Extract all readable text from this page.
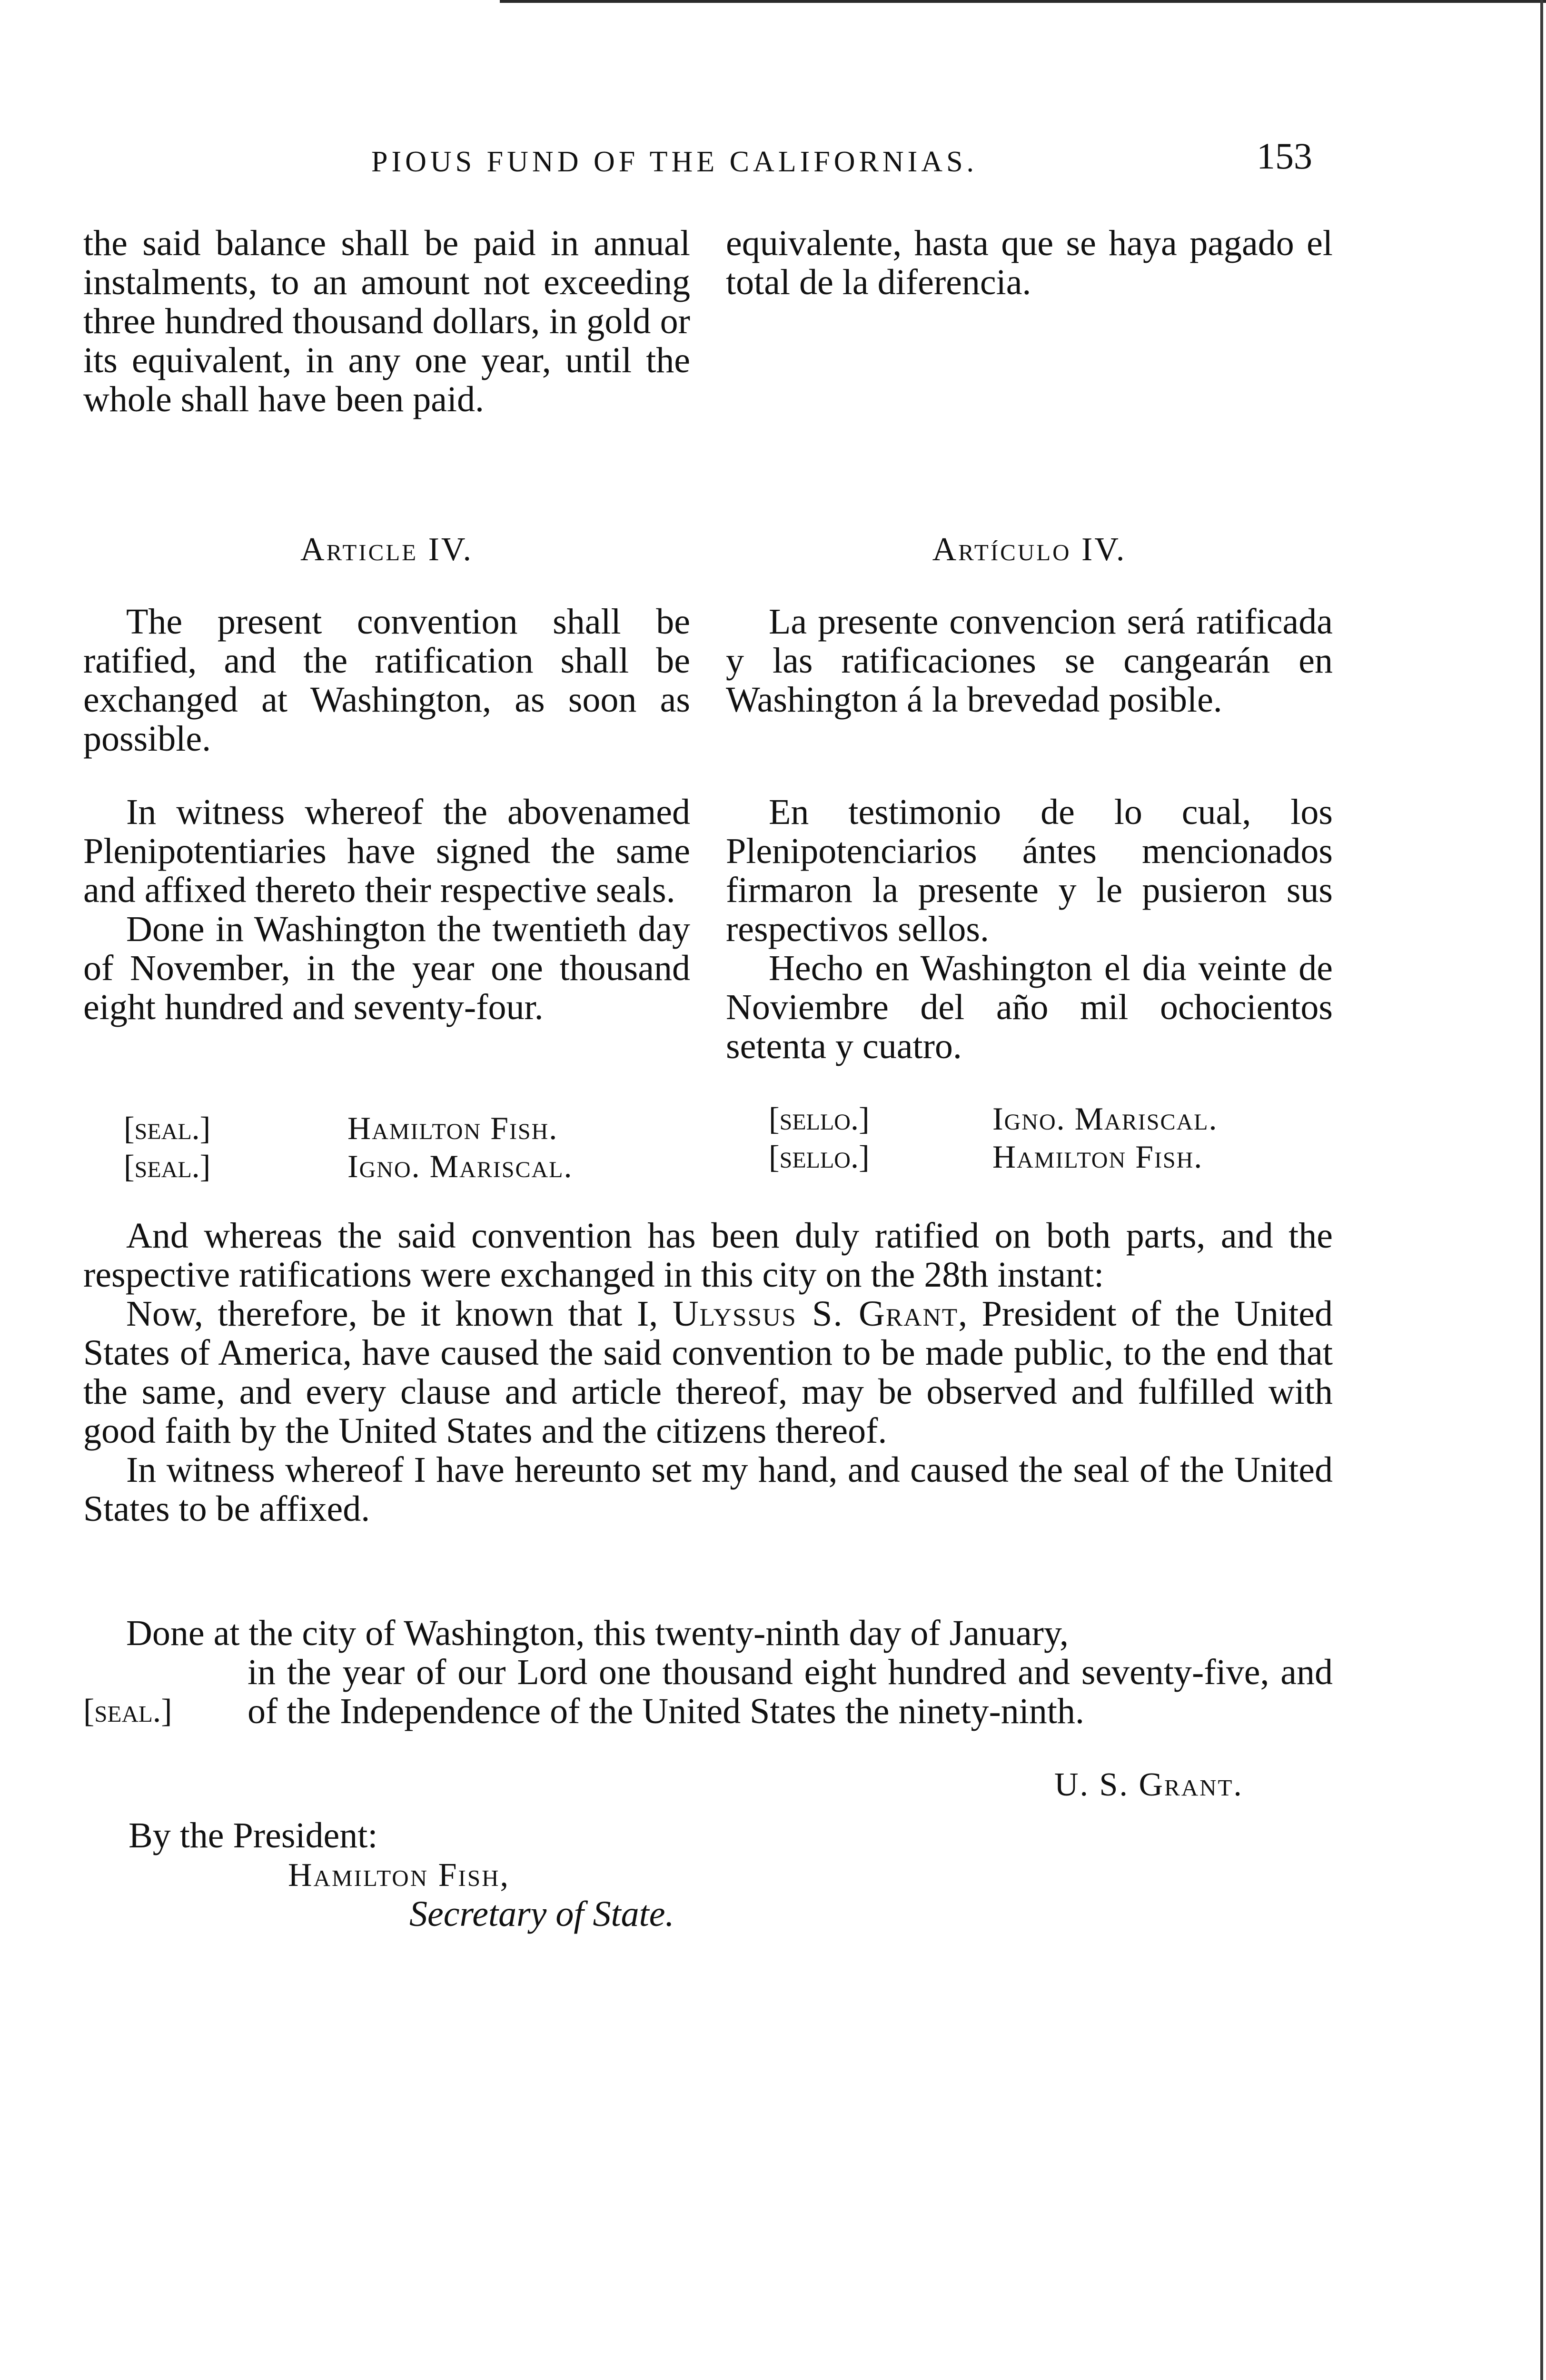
PIOUS FUND OF THE CALIFORNIAS.	153

the said balance shall be paid in annual instalments, to an amount not exceeding three hundred thousand dollars, in gold or its equivalent, in any one year, until the whole shall have been paid.

equivalente, hasta que se haya pagado el total de la diferencia.

Article IV.	Artículo IV.

The present convention shall be ratified, and the ratification shall be exchanged at Washington, as soon as possible.

La presente convencion será ratificada y las ratificaciones se cangearán en Washington á la brevedad posible.

In witness whereof the abovenamed Plenipotentiaries have signed the same and affixed thereto their respective seals.

Done in Washington the twentieth day of November, in the year one thousand eight hundred and seventy-four.

En testimonio de lo cual, los Plenipotenciarios ántes mencionados firmaron la presente y le pusieron sus respectivos sellos.

Hecho en Washington el dia veinte de Noviembre del año mil ochocientos setenta y cuatro.

[seal.]	Hamilton Fish.
[seal.]	Igno. Mariscal.
[sello.]	Igno. Mariscal.
[sello.]	Hamilton Fish.

And whereas the said convention has been duly ratified on both parts, and the respective ratifications were exchanged in this city on the 28th instant:

Now, therefore, be it known that I, Ulyssus S. Grant, President of the United States of America, have caused the said convention to be made public, to the end that the same, and every clause and article thereof, may be observed and fulfilled with good faith by the United States and the citizens thereof.

In witness whereof I have hereunto set my hand, and caused the seal of the United States to be affixed.

Done at the city of Washington, this twenty-ninth day of January,
in the year of our Lord one thousand eight hundred and seventy-five, and of the Independence of the United States the ninety-ninth.
[seal.]
U. S. Grant.
By the President:
Hamilton Fish,
Secretary of State.
